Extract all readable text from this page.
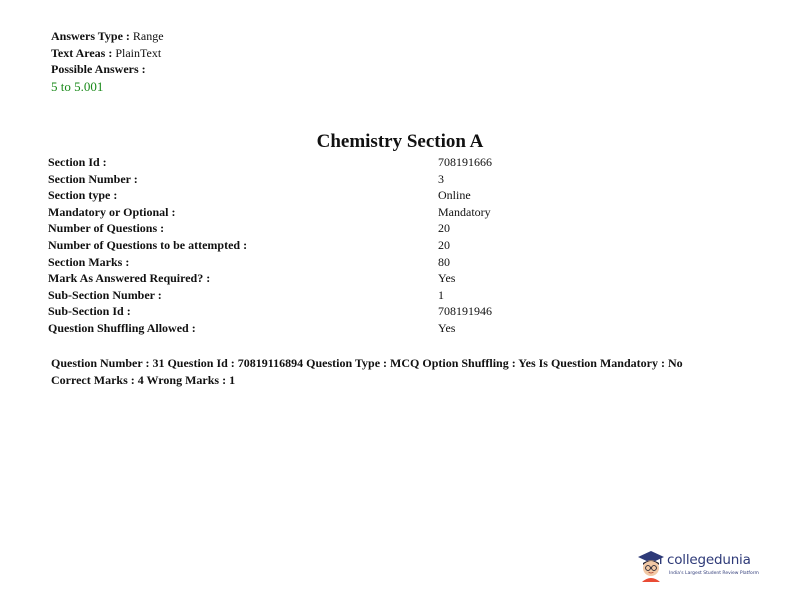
Answers Type : Range
Text Areas : PlainText
Possible Answers :
5 to 5.001
Chemistry Section A
Section Id :	708191666
Section Number :	3
Section type :	Online
Mandatory or Optional :	Mandatory
Number of Questions :	20
Number of Questions to be attempted :	20
Section Marks :	80
Mark As Answered Required? :	Yes
Sub-Section Number :	1
Sub-Section Id :	708191946
Question Shuffling Allowed :	Yes
Question Number : 31 Question Id : 70819116894 Question Type : MCQ Option Shuffling : Yes Is Question Mandatory : No
Correct Marks : 4 Wrong Marks : 1
collegedunia
India's Largest Student Review Platform
